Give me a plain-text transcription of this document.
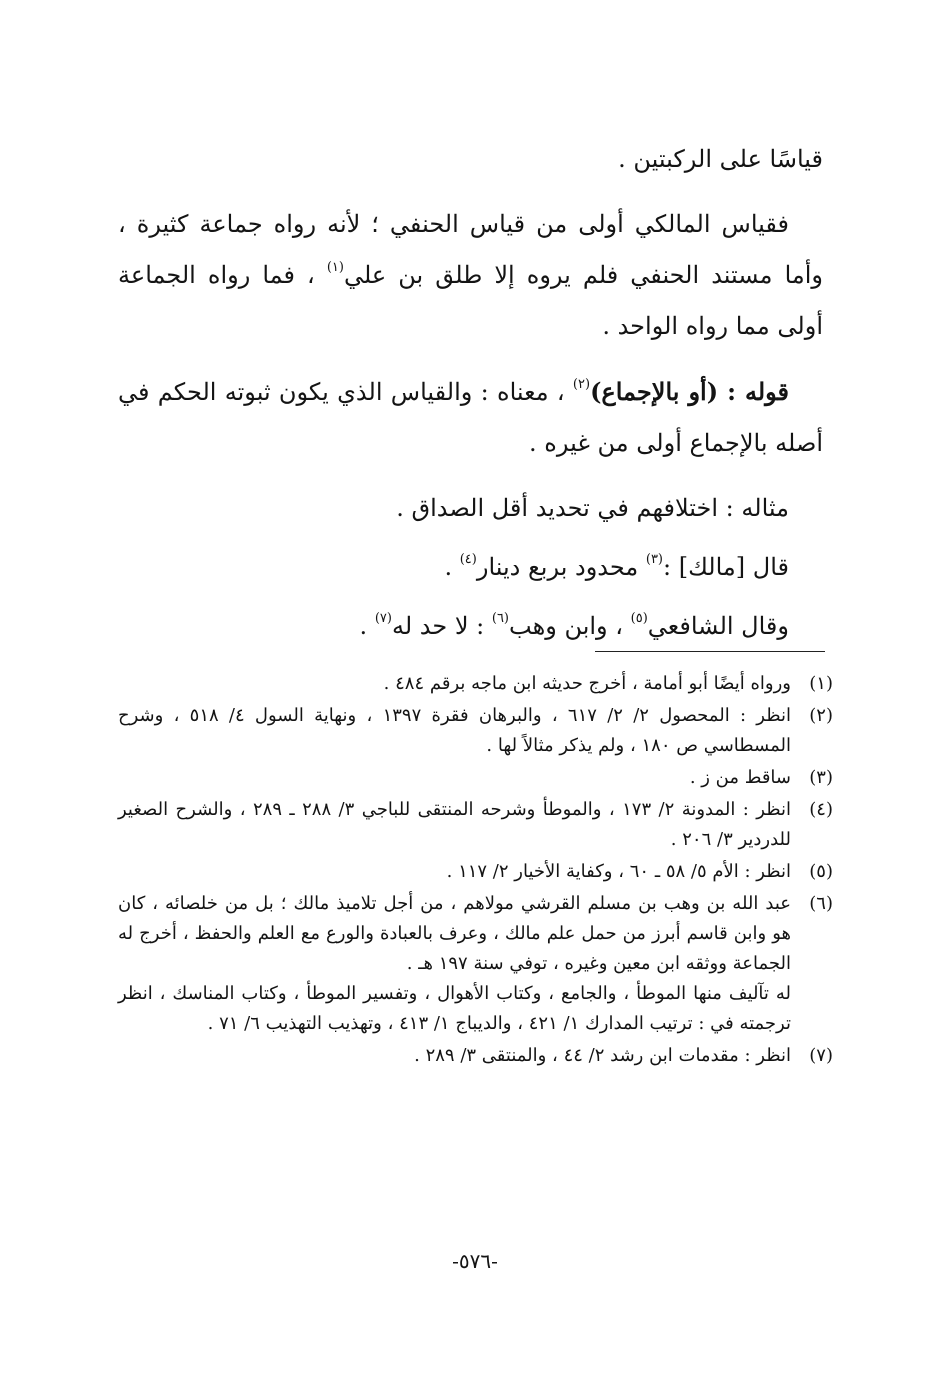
قياسًا على الركبتين .

فقياس المالكي أولى من قياس الحنفي ؛ لأنه رواه جماعة كثيرة ، وأما مستند الحنفي فلم يروه إلا طلق بن علي$^{(١)}$ ، فما رواه الجماعة أولى مما رواه الواحد .

قوله : (أو بالإجماع)$^{(٢)}$ ، معناه : والقياس الذي يكون ثبوته الحكم في أصله بالإجماع أولى من غيره .

مثاله : اختلافهم في تحديد أقل الصداق .

قال [مالك] :$^{(٣)}$ محدود بربع دينار$^{(٤)}$ .

وقال الشافعي$^{(٥)}$ ، وابن وهب$^{(٦)}$ : لا حد له$^{(٧)}$ .

(١)
ورواه أيضًا أبو أمامة ، أخرج حديثه ابن ماجه برقم ٤٨٤ .
(٢)
انظر : المحصول ٢/ ٢/ ٦١٧ ، والبرهان فقرة ١٣٩٧ ، ونهاية السول ٤/ ٥١٨ ، وشرح المسطاسي ص ١٨٠ ، ولم يذكر مثالاً لها .
(٣)
ساقط من ز .
(٤)
انظر : المدونة ٢/ ١٧٣ ، والموطأ وشرحه المنتقى للباجي ٣/ ٢٨٨ ـ ٢٨٩ ، والشرح الصغير للدردير ٣/ ٢٠٦ .
(٥)
انظر : الأم ٥/ ٥٨ ـ ٦٠ ، وكفاية الأخيار ٢/ ١١٧ .
(٦)
عبد الله بن وهب بن مسلم القرشي مولاهم ، من أجل تلاميذ مالك ؛ بل من خلصائه ، كان هو وابن قاسم أبرز من حمل علم مالك ، وعرف بالعبادة والورع مع العلم والحفظ ، أخرج له الجماعة ووثقه ابن معين وغيره ، توفي سنة ١٩٧ هـ .
له تآليف منها الموطأ ، والجامع ، وكتاب الأهوال ، وتفسير الموطأ ، وكتاب المناسك ، انظر ترجمته في : ترتيب المدارك ١/ ٤٢١ ، والديباج ١/ ٤١٣ ، وتهذيب التهذيب ٦/ ٧١ .
(٧)
انظر : مقدمات ابن رشد ٢/ ٤٤ ، والمنتقى ٣/ ٢٨٩ .
-٥٧٦-
